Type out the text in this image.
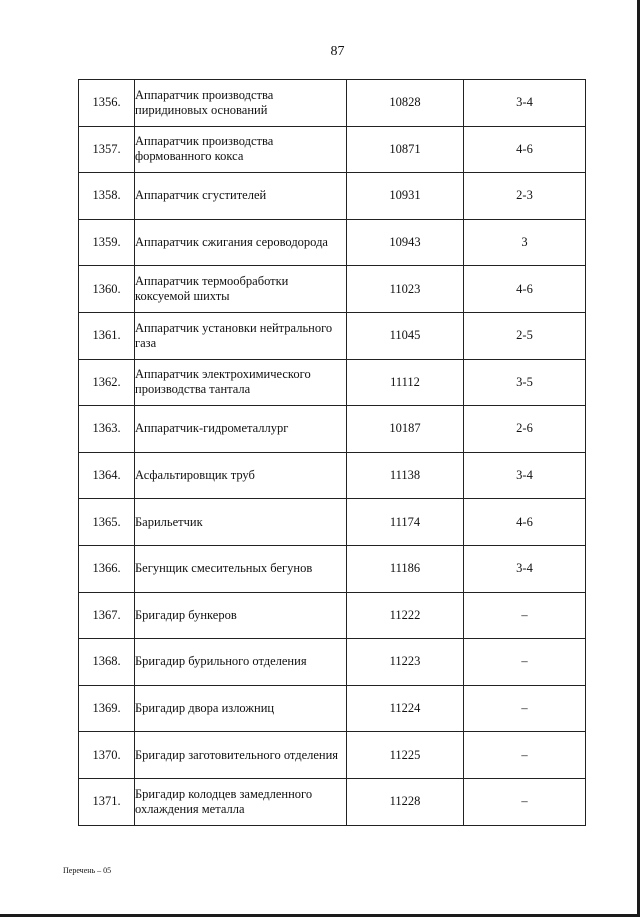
87
1356.	Аппаратчик производства пиридиновых оснований	10828	3-4
1357.	Аппаратчик производства формованного кокса	10871	4-6
1358.	Аппаратчик сгустителей	10931	2-3
1359.	Аппаратчик сжигания сероводорода	10943	3
1360.	Аппаратчик термообработки коксуемой шихты	11023	4-6
1361.	Аппаратчик установки нейтрального газа	11045	2-5
1362.	Аппаратчик электрохимического производства тантала	11112	3-5
1363.	Аппаратчик-гидрометаллург	10187	2-6
1364.	Асфальтировщик труб	11138	3-4
1365.	Барильетчик	11174	4-6
1366.	Бегунщик смесительных бегунов	11186	3-4
1367.	Бригадир бункеров	11222	–
1368.	Бригадир бурильного отделения	11223	–
1369.	Бригадир двора изложниц	11224	–
1370.	Бригадир заготовительного отделения	11225	–
1371.	Бригадир колодцев замедленного охлаждения металла	11228	–
Перечень – 05
